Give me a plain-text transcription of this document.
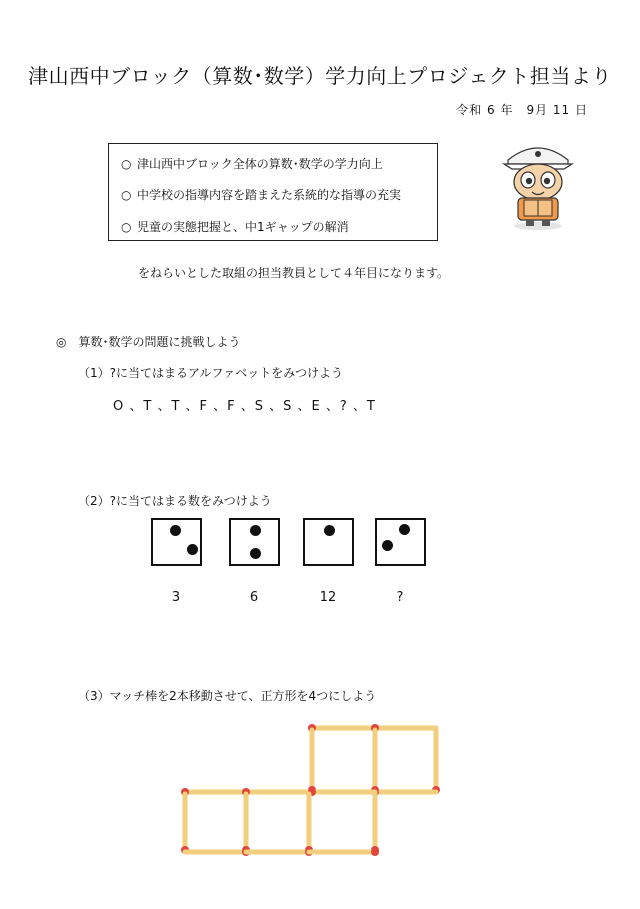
津山西中ブロック（算数･数学）学力向上プロジェクト担当より
令和 6 年　9月 11 日
○ 津山西中ブロック全体の算数･数学の学力向上
○ 中学校の指導内容を踏まえた系統的な指導の充実
○ 児童の実態把握と、中1ギャップの解消
をねらいとした取組の担当教員として４年目になります。
◎　算数･数学の問題に挑戦しよう
（1）?に当てはまるアルファベットをみつけよう
O 、T 、T 、F 、F 、S 、S 、E 、? 、T
（2）?に当てはまる数をみつけよう
3	6	12	?
（3）マッチ棒を2本移動させて、正方形を4つにしよう
